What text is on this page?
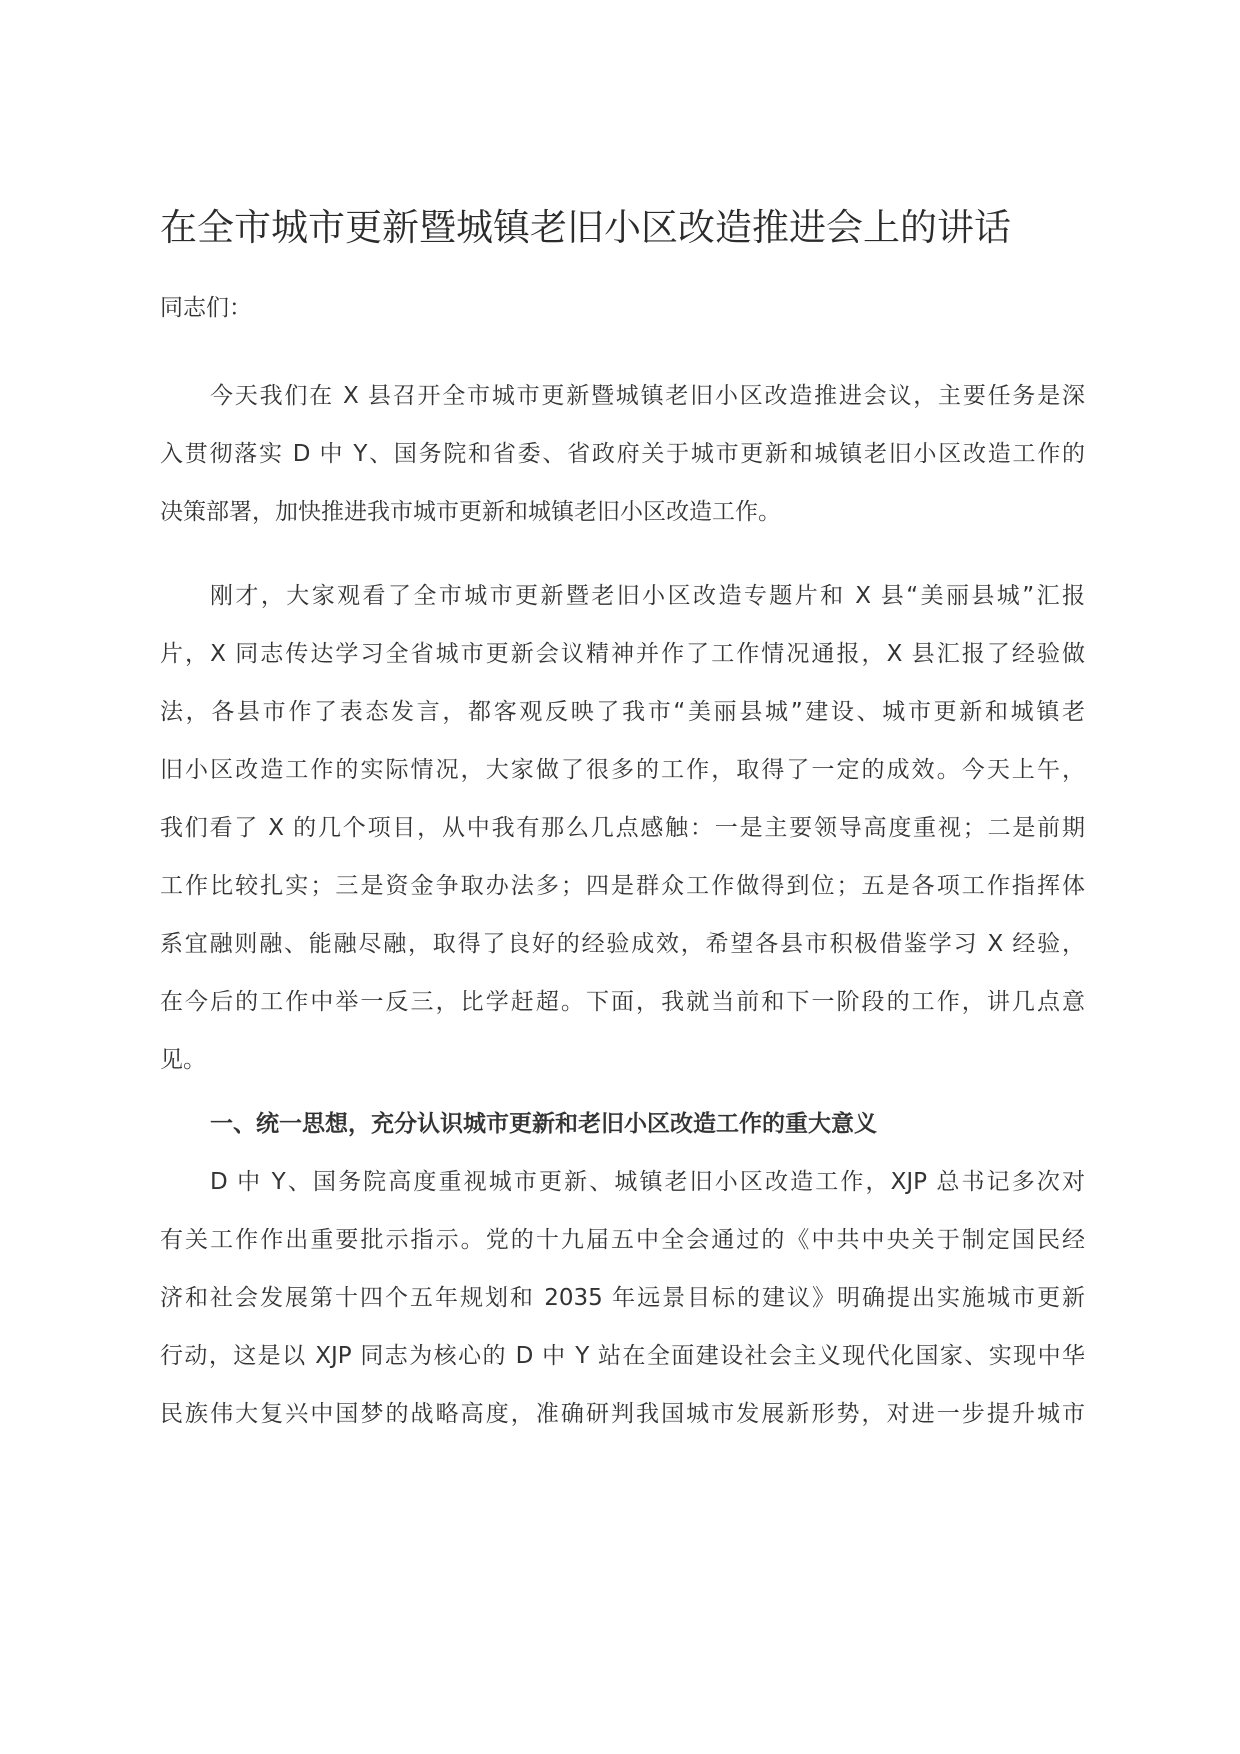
在全市城市更新暨城镇老旧小区改造推进会上的讲话

同志们：

今天我们在 X 县召开全市城市更新暨城镇老旧小区改造推进会议，主要任务是深

入贯彻落实 D 中 Y、国务院和省委、省政府关于城市更新和城镇老旧小区改造工作的

决策部署，加快推进我市城市更新和城镇老旧小区改造工作。

刚才，大家观看了全市城市更新暨老旧小区改造专题片和 X 县“美丽县城”汇报

片，X 同志传达学习全省城市更新会议精神并作了工作情况通报，X 县汇报了经验做

法，各县市作了表态发言，都客观反映了我市“美丽县城”建设、城市更新和城镇老

旧小区改造工作的实际情况，大家做了很多的工作，取得了一定的成效。今天上午，

我们看了 X 的几个项目，从中我有那么几点感触：一是主要领导高度重视；二是前期

工作比较扎实；三是资金争取办法多；四是群众工作做得到位；五是各项工作指挥体

系宜融则融、能融尽融，取得了良好的经验成效，希望各县市积极借鉴学习 X 经验，

在今后的工作中举一反三，比学赶超。下面，我就当前和下一阶段的工作，讲几点意

见。

一、统一思想，充分认识城市更新和老旧小区改造工作的重大意义

D 中 Y、国务院高度重视城市更新、城镇老旧小区改造工作，XJP 总书记多次对

有关工作作出重要批示指示。党的十九届五中全会通过的《中共中央关于制定国民经

济和社会发展第十四个五年规划和 2035 年远景目标的建议》明确提出实施城市更新

行动，这是以 XJP 同志为核心的 D 中 Y 站在全面建设社会主义现代化国家、实现中华

民族伟大复兴中国梦的战略高度，准确研判我国城市发展新形势，对进一步提升城市
